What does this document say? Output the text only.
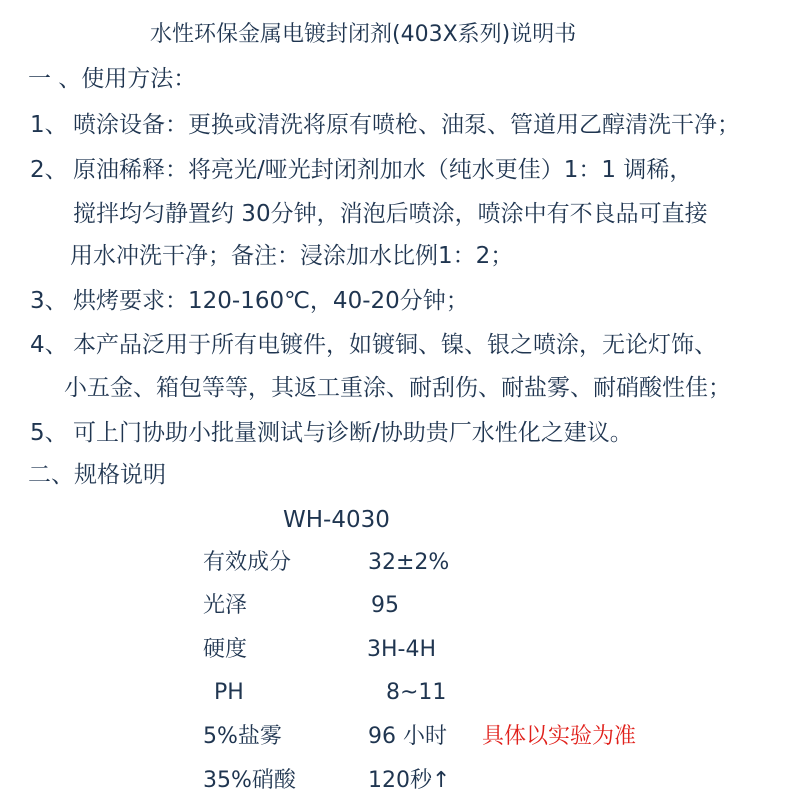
水性环保金属电镀封闭剂(403X系列)说明书
一 、使用方法：
1、 喷涂设备：更换或清洗将原有喷枪、油泵、管道用乙醇清洗干净；
2、 原油稀释：将亮光/哑光封闭剂加水（纯水更佳）1：1 调稀，
搅拌均匀静置约 30分钟，消泡后喷涂，喷涂中有不良品可直接
用水冲洗干净；备注：浸涂加水比例1：2；
3、 烘烤要求：120-160℃，40-20分钟；
4、 本产品泛用于所有电镀件，如镀铜、镍、银之喷涂，无论灯饰、
小五金、箱包等等，其返工重涂、耐刮伤、耐盐雾、耐硝酸性佳；
5、 可上门协助小批量测试与诊断/协助贵厂水性化之建议。
二、规格说明
WH-4030
有效成分	32±2%
光泽	95
硬度	3H-4H
PH	8~11
5%盐雾	96 小时 具体以实验为准
35%硝酸	120秒↑
